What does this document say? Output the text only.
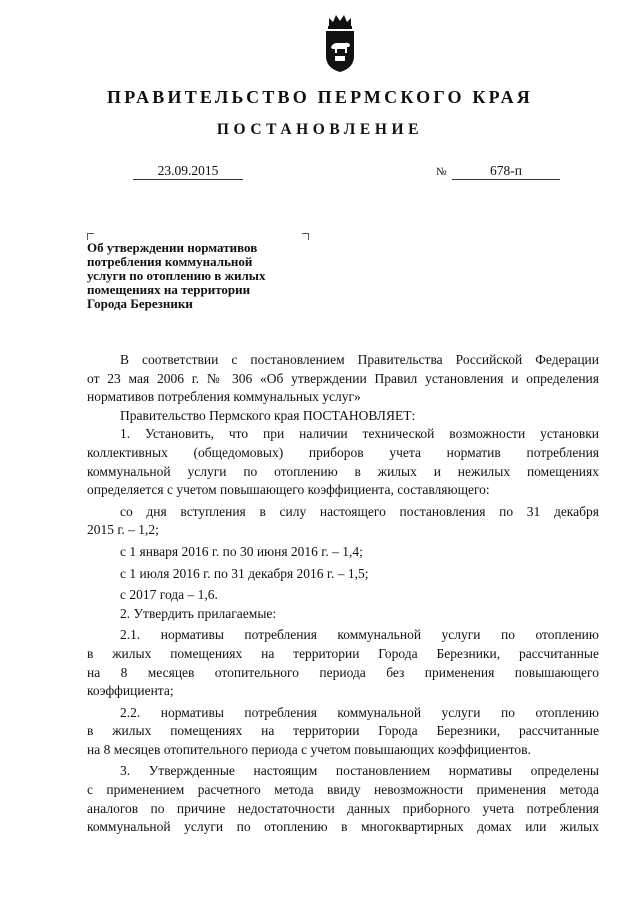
ПРАВИТЕЛЬСТВО ПЕРМСКОГО КРАЯ
ПОСТАНОВЛЕНИЕ
23.09.2015	№	678-п
Об утверждении нормативов
потребления коммунальной
услуги по отоплению в жилых
помещениях на территории
Города Березники
В соответствии с постановлением Правительства Российской Федерации
от 23 мая 2006 г. № 306 «Об утверждении Правил установления и определения
нормативов потребления коммунальных услуг»
Правительство Пермского края ПОСТАНОВЛЯЕТ:
1. Установить, что при наличии технической возможности установки
коллективных (общедомовых) приборов учета норматив потребления
коммунальной услуги по отоплению в жилых и нежилых помещениях
определяется с учетом повышающего коэффициента, составляющего:
со дня вступления в силу настоящего постановления по 31 декабря
2015 г. – 1,2;
с 1 января 2016 г. по 30 июня 2016 г. – 1,4;
с 1 июля 2016 г. по 31 декабря 2016 г. – 1,5;
с 2017 года – 1,6.
2. Утвердить прилагаемые:
2.1. нормативы потребления коммунальной услуги по отоплению
в жилых помещениях на территории Города Березники, рассчитанные
на 8 месяцев отопительного периода без применения повышающего
коэффициента;
2.2. нормативы потребления коммунальной услуги по отоплению
в жилых помещениях на территории Города Березники, рассчитанные
на 8 месяцев отопительного периода с учетом повышающих коэффициентов.
3. Утвержденные настоящим постановлением нормативы определены
с применением расчетного метода ввиду невозможности применения метода
аналогов по причине недостаточности данных приборного учета потребления
коммунальной услуги по отоплению в многоквартирных домах или жилых
